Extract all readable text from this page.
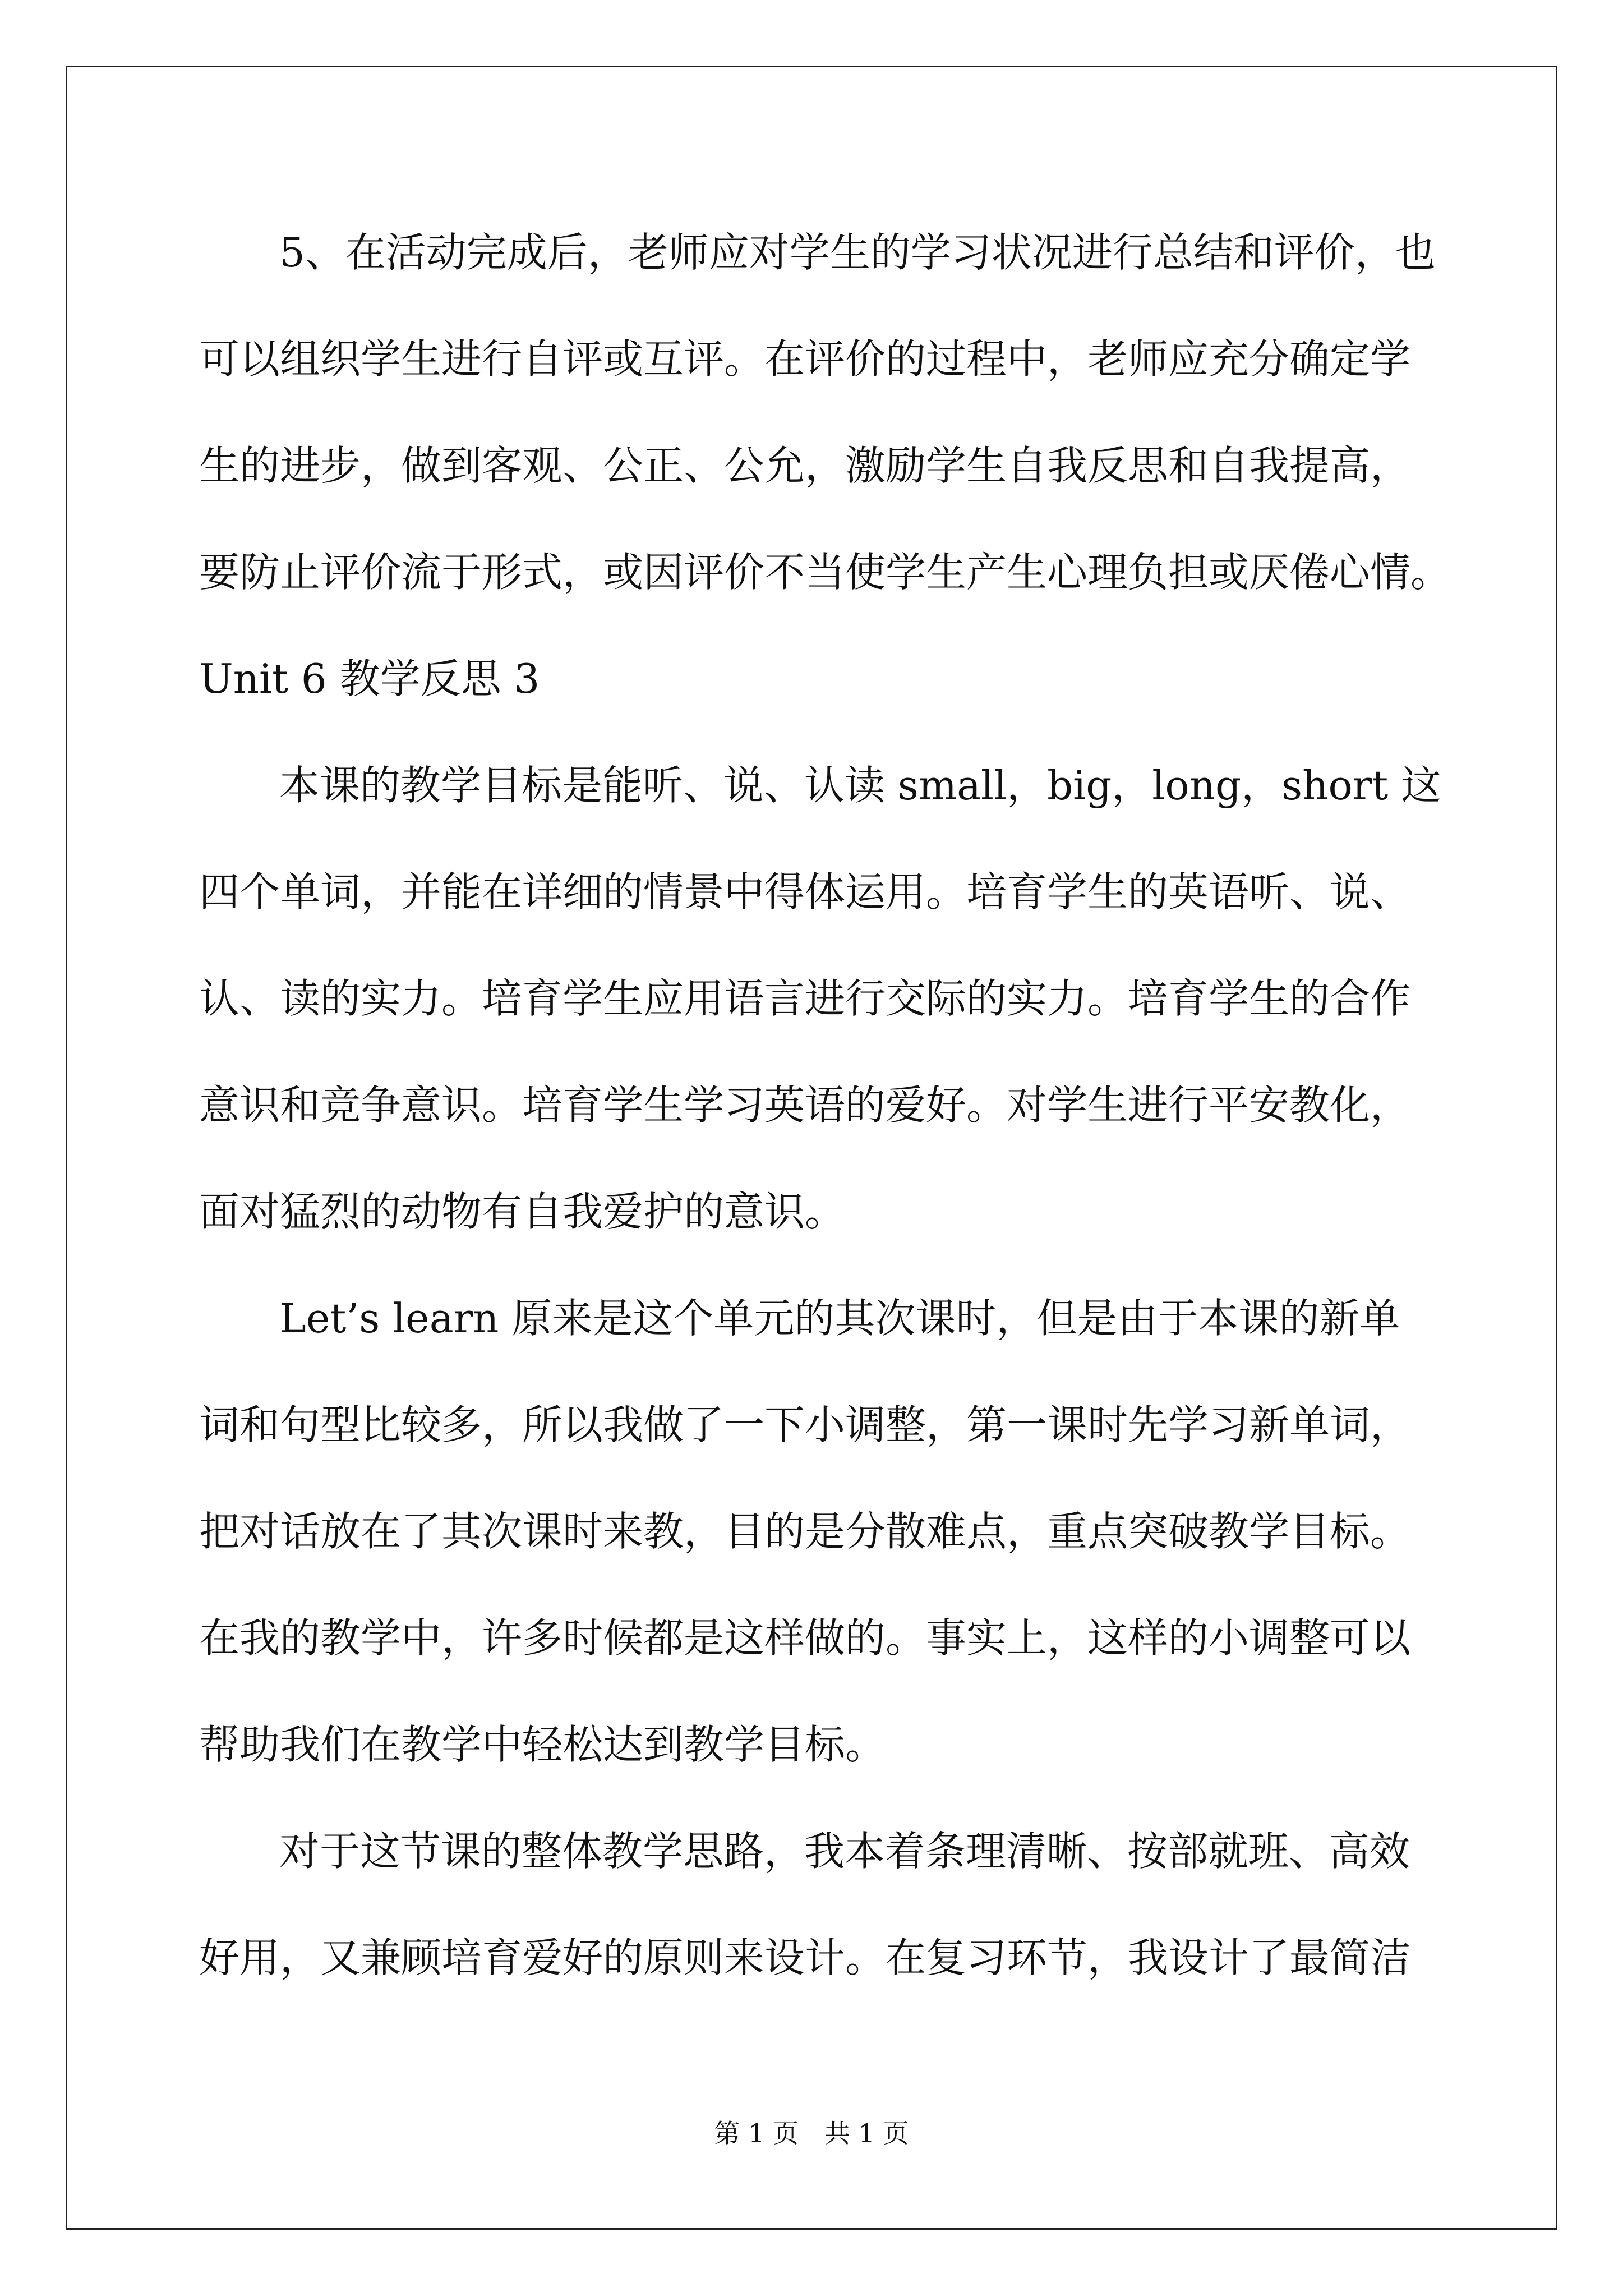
5、在活动完成后，老师应对学生的学习状况进行总结和评价，也
可以组织学生进行自评或互评。在评价的过程中，老师应充分确定学
生的进步，做到客观、公正、公允，激励学生自我反思和自我提高，
要防止评价流于形式，或因评价不当使学生产生心理负担或厌倦心情。
Unit 6 教学反思 3
本课的教学目标是能听、说、认读 small，big，long，short 这
四个单词，并能在详细的情景中得体运用。培育学生的英语听、说、
认、读的实力。培育学生应用语言进行交际的实力。培育学生的合作
意识和竞争意识。培育学生学习英语的爱好。对学生进行平安教化，
面对猛烈的动物有自我爱护的意识。
Let’s learn 原来是这个单元的其次课时，但是由于本课的新单
词和句型比较多，所以我做了一下小调整，第一课时先学习新单词，
把对话放在了其次课时来教，目的是分散难点，重点突破教学目标。
在我的教学中，许多时候都是这样做的。事实上，这样的小调整可以
帮助我们在教学中轻松达到教学目标。
对于这节课的整体教学思路，我本着条理清晰、按部就班、高效
好用，又兼顾培育爱好的原则来设计。在复习环节，我设计了最简洁
第 1 页　共 1 页
